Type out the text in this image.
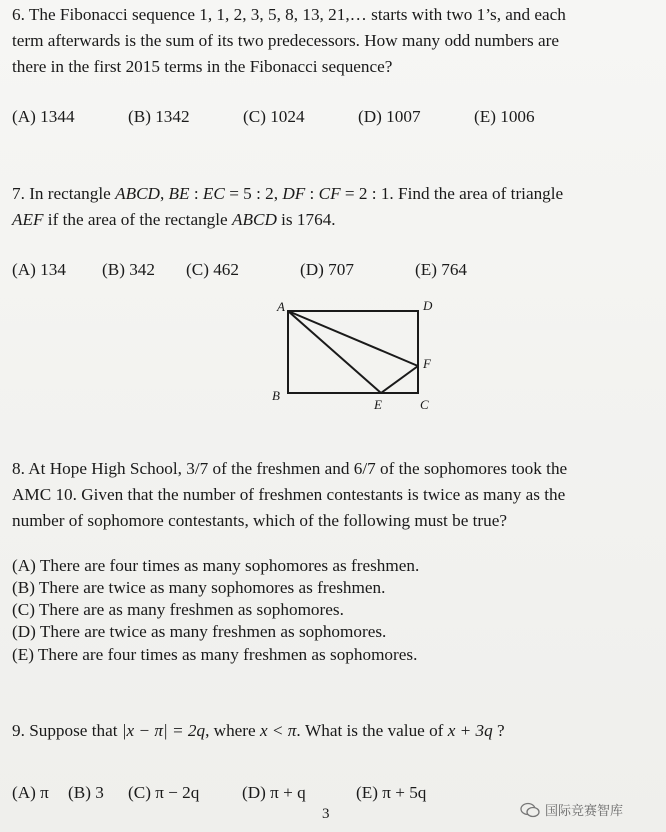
6. The Fibonacci sequence 1, 1, 2, 3, 5, 8, 13, 21,… starts with two 1’s, and each
term afterwards is the sum of its two predecessors. How many odd numbers are
there in the first 2015 terms in the Fibonacci sequence?
(A) 1344	(B) 1342	(C) 1024	(D) 1007	(E) 1006
7. In rectangle ABCD, BE : EC = 5 : 2, DF : CF = 2 : 1. Find the area of triangle
AEF if the area of the rectangle ABCD is 1764.
(A) 134 (B) 342 (C) 462	(D) 707	(E) 764
A	D
F
B
E	C
8. At Hope High School, 3/7 of the freshmen and 6/7 of the sophomores took the
AMC 10. Given that the number of freshmen contestants is twice as many as the
number of sophomore contestants, which of the following must be true?
(A) There are four times as many sophomores as freshmen.
(B) There are twice as many sophomores as freshmen.
(C) There are as many freshmen as sophomores.
(D) There are twice as many freshmen as sophomores.
(E) There are four times as many freshmen as sophomores.
9. Suppose that |x − π| = 2q, where x < π. What is the value of x + 3q ?
(A) π (B) 3 (C) π − 2q (D) π + q	(E) π + 5q
3	国际竞赛智库
